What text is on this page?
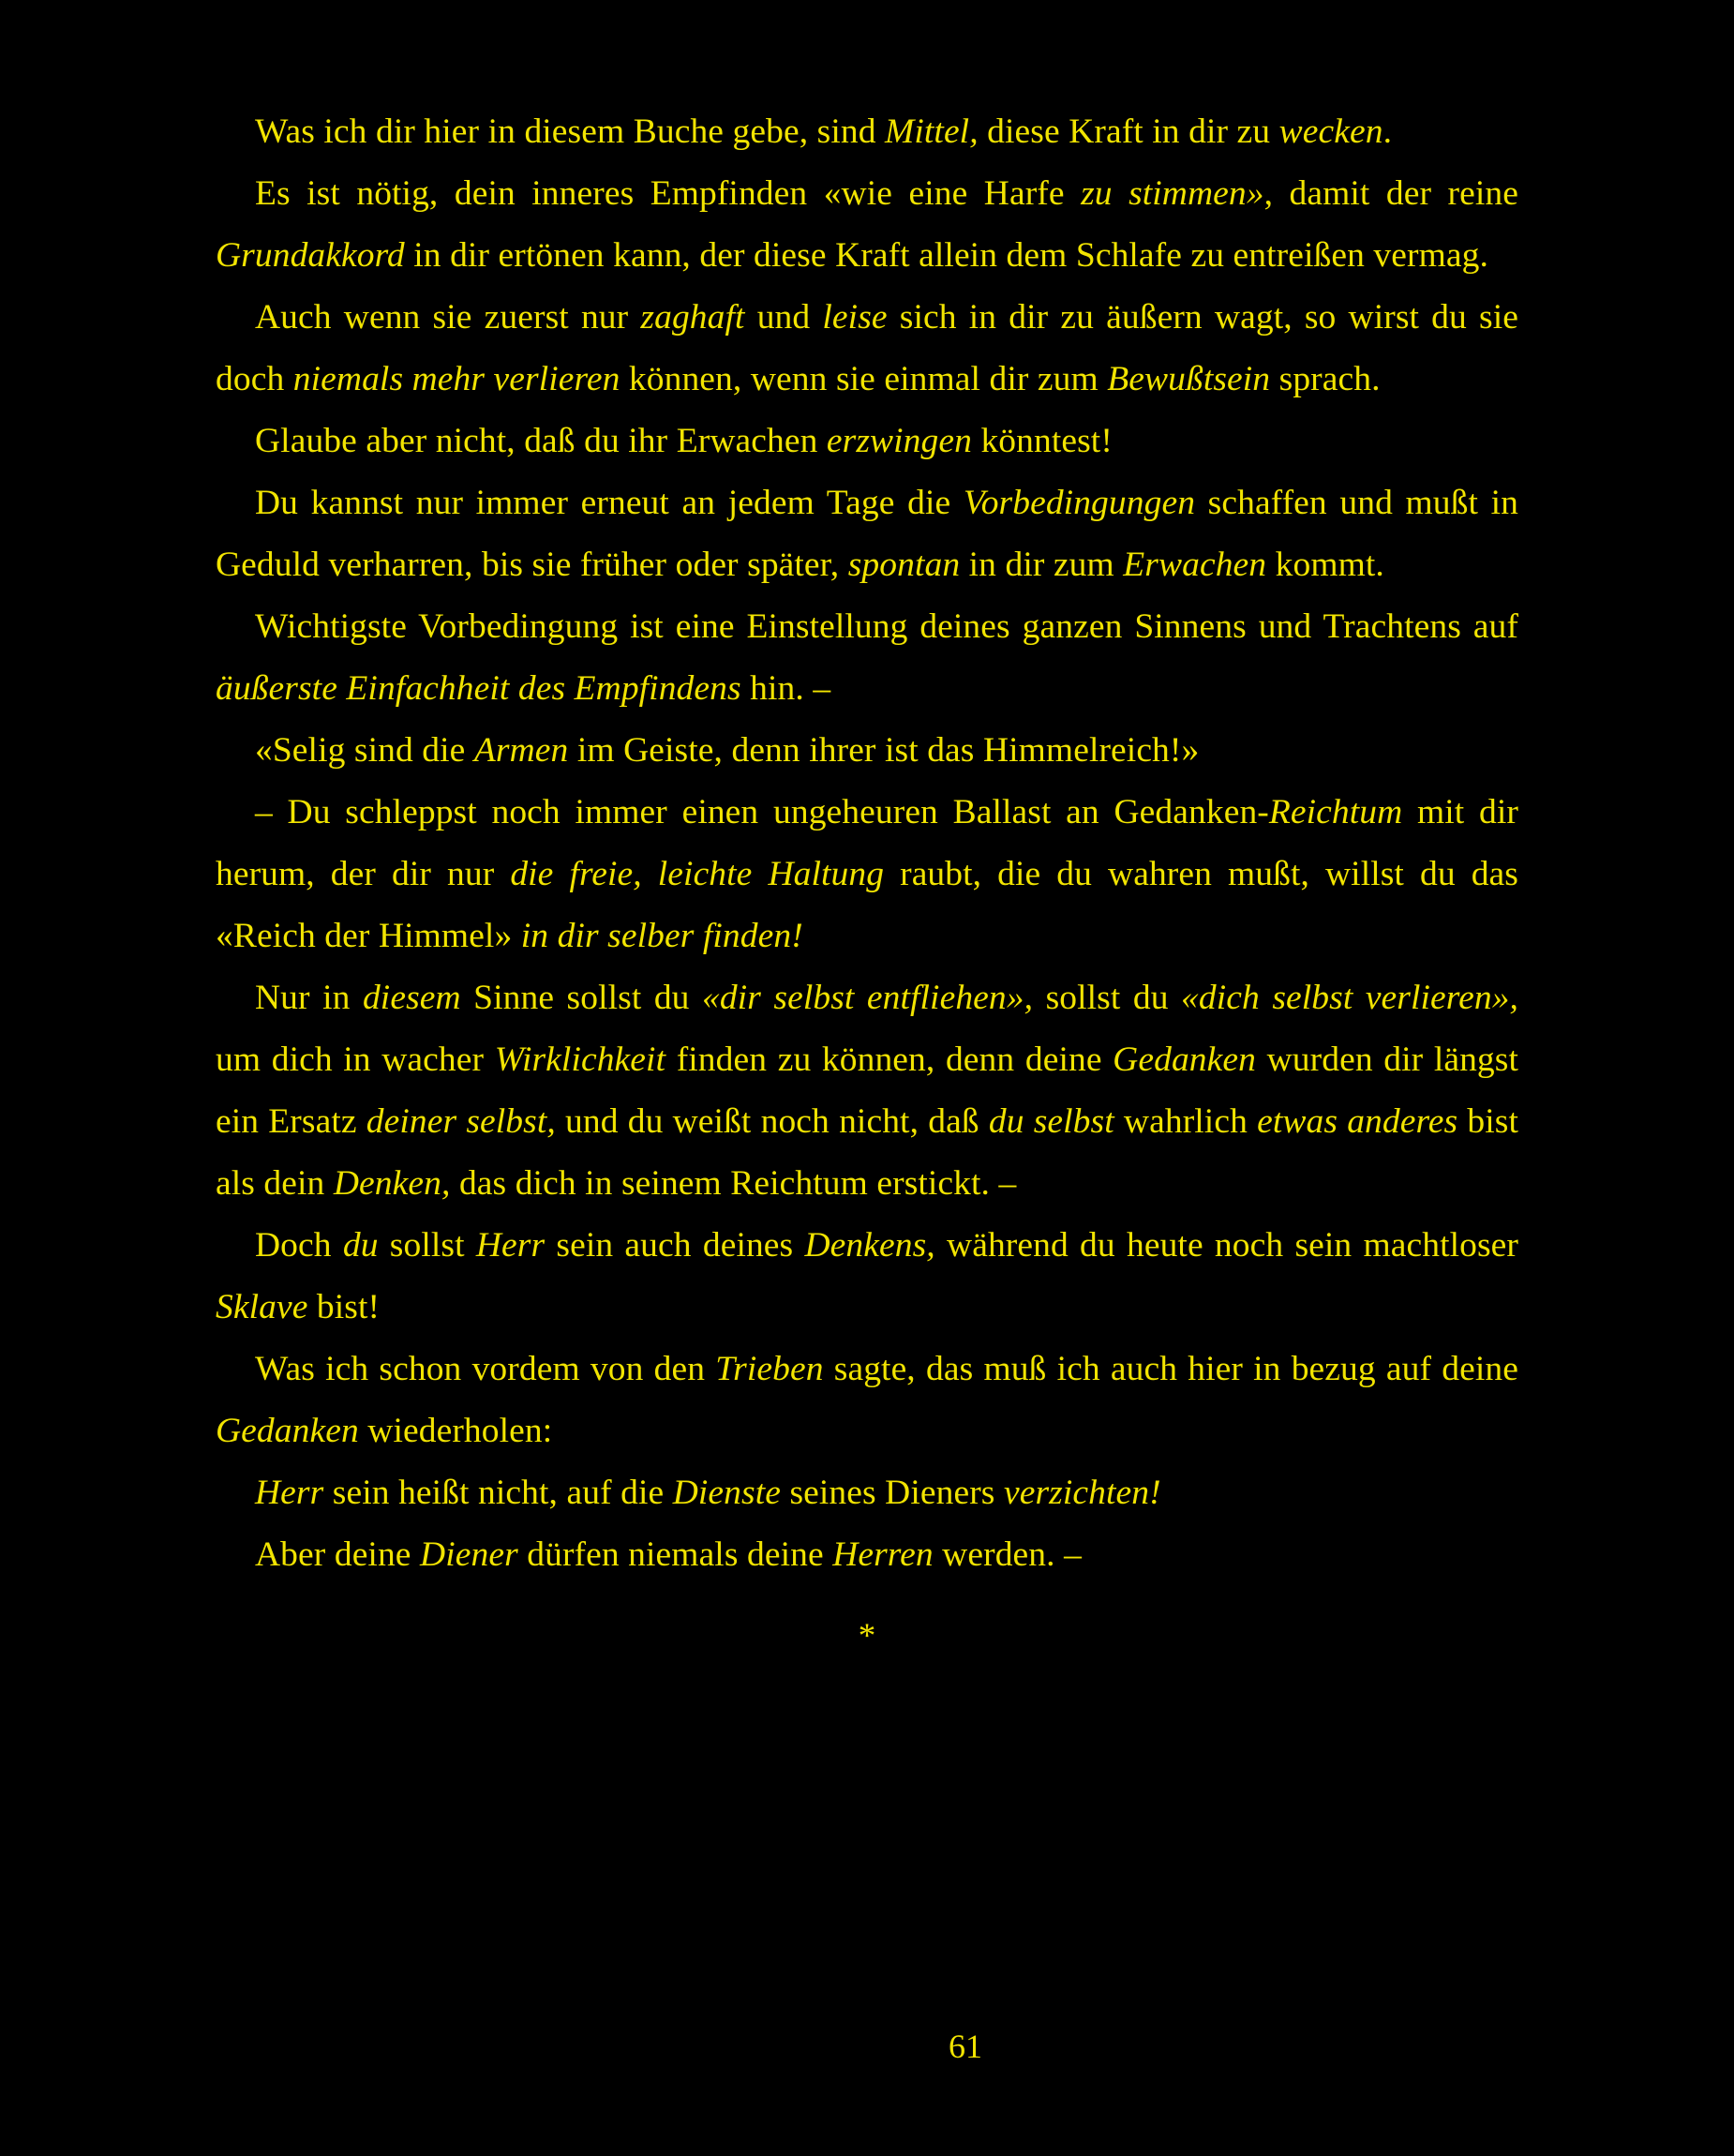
Was ich dir hier in diesem Buche gebe, sind Mittel, diese Kraft in dir zu wecken.

Es ist nötig, dein inneres Empfinden «wie eine Harfe zu stimmen», damit der reine Grundakkord in dir ertönen kann, der diese Kraft allein dem Schlafe zu entreißen vermag.

Auch wenn sie zuerst nur zaghaft und leise sich in dir zu äußern wagt, so wirst du sie doch niemals mehr verlieren können, wenn sie einmal dir zum Bewußtsein sprach.

Glaube aber nicht, daß du ihr Erwachen erzwingen könntest!

Du kannst nur immer erneut an jedem Tage die Vorbedingungen schaffen und mußt in Geduld verharren, bis sie früher oder später, spontan in dir zum Erwachen kommt.

Wichtigste Vorbedingung ist eine Einstellung deines ganzen Sinnens und Trachtens auf äußerste Einfachheit des Empfindens hin. –

«Selig sind die Armen im Geiste, denn ihrer ist das Himmelreich!»

– Du schleppst noch immer einen ungeheuren Ballast an Gedanken-Reichtum mit dir herum, der dir nur die freie, leichte Haltung raubt, die du wahren mußt, willst du das «Reich der Himmel» in dir selber finden!

Nur in diesem Sinne sollst du «dir selbst entfliehen», sollst du «dich selbst verlieren», um dich in wacher Wirklichkeit finden zu können, denn deine Gedanken wurden dir längst ein Ersatz deiner selbst, und du weißt noch nicht, daß du selbst wahrlich etwas anderes bist als dein Denken, das dich in seinem Reichtum erstickt. –

Doch du sollst Herr sein auch deines Denkens, während du heute noch sein machtloser Sklave bist!

Was ich schon vordem von den Trieben sagte, das muß ich auch hier in bezug auf deine Gedanken wiederholen:

Herr sein heißt nicht, auf die Dienste seines Dieners verzichten!

Aber deine Diener dürfen niemals deine Herren werden. –

*
61
